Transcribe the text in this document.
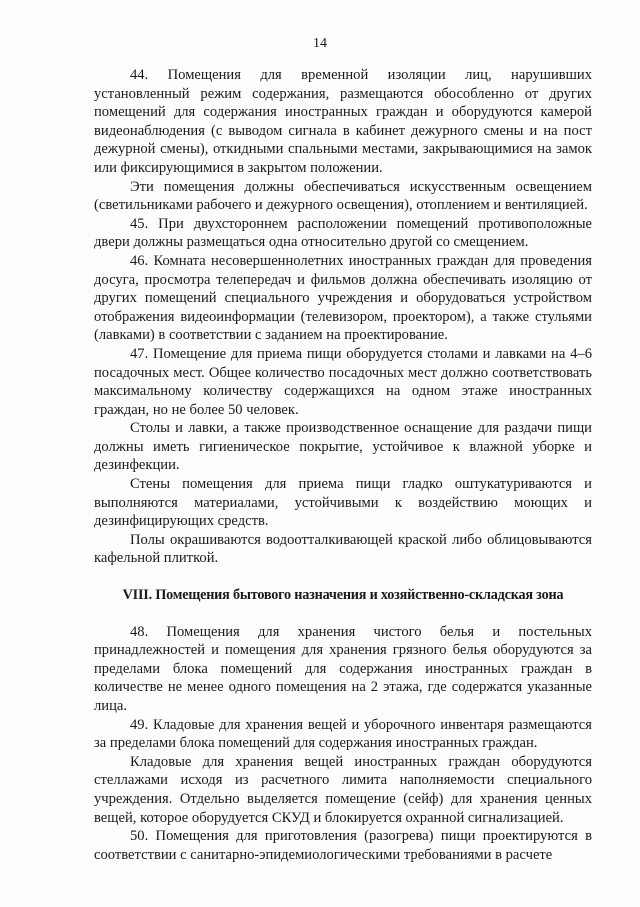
14

44. Помещения для временной изоляции лиц, нарушивших установленный режим содержания, размещаются обособленно от других помещений для содержания иностранных граждан и оборудуются камерой видеонаблюдения (с выводом сигнала в кабинет дежурного смены и на пост дежурной смены), откидными спальными местами, закрывающимися на замок или фиксирующимися в закрытом положении.

Эти помещения должны обеспечиваться искусственным освещением (светильниками рабочего и дежурного освещения), отоплением и вентиляцией.

45. При двухстороннем расположении помещений противоположные двери должны размещаться одна относительно другой со смещением.

46. Комната несовершеннолетних иностранных граждан для проведения досуга, просмотра телепередач и фильмов должна обеспечивать изоляцию от других помещений специального учреждения и оборудоваться устройством отображения видеоинформации (телевизором, проектором), а также стульями (лавками) в соответствии с заданием на проектирование.

47. Помещение для приема пищи оборудуется столами и лавками на 4–6 посадочных мест. Общее количество посадочных мест должно соответствовать максимальному количеству содержащихся на одном этаже иностранных граждан, но не более 50 человек.

Столы и лавки, а также производственное оснащение для раздачи пищи должны иметь гигиеническое покрытие, устойчивое к влажной уборке и дезинфекции.

Стены помещения для приема пищи гладко оштукатуриваются и выполняются материалами, устойчивыми к воздействию моющих и дезинфицирующих средств.

Полы окрашиваются водоотталкивающей краской либо облицовываются кафельной плиткой.

VIII. Помещения бытового назначения и хозяйственно-складская зона

48. Помещения для хранения чистого белья и постельных принадлежностей и помещения для хранения грязного белья оборудуются за пределами блока помещений для содержания иностранных граждан в количестве не менее одного помещения на 2 этажа, где содержатся указанные лица.

49. Кладовые для хранения вещей и уборочного инвентаря размещаются за пределами блока помещений для содержания иностранных граждан.

Кладовые для хранения вещей иностранных граждан оборудуются стеллажами исходя из расчетного лимита наполняемости специального учреждения. Отдельно выделяется помещение (сейф) для хранения ценных вещей, которое оборудуется СКУД и блокируется охранной сигнализацией.

50. Помещения для приготовления (разогрева) пищи проектируются в соответствии с санитарно-эпидемиологическими требованиями в расчете
